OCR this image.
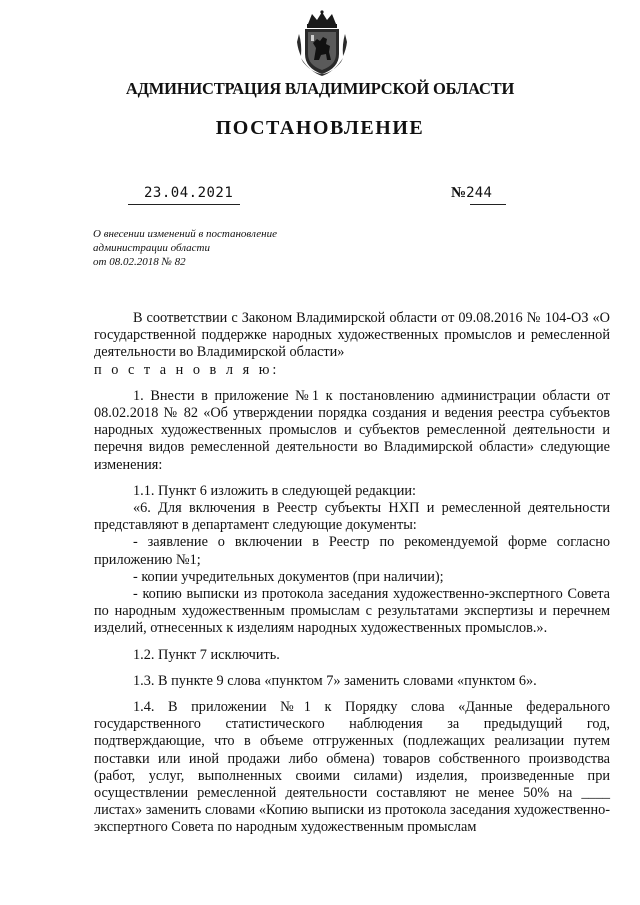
АДМИНИСТРАЦИЯ ВЛАДИМИРСКОЙ ОБЛАСТИ
ПОСТАНОВЛЕНИЕ
23.04.2021	№244
О внесении изменений в постановление
администрации области
от 08.02.2018 № 82

В соответствии с Законом Владимирской области от 09.08.2016 № 104-ОЗ «О государственной поддержке народных художественных промыслов и ремесленной деятельности во Владимирской области»

п о с т а н о в л я ю:

1. Внести в приложение №1 к постановлению администрации области от 08.02.2018 № 82 «Об утверждении порядка создания и ведения реестра субъектов народных художественных промыслов и субъектов ремесленной деятельности и перечня видов ремесленной деятельности во Владимирской области» следующие изменения:

1.1. Пункт 6 изложить в следующей редакции:

«6. Для включения в Реестр субъекты НХП и ремесленной деятельности представляют в департамент следующие документы:

- заявление о включении в Реестр по рекомендуемой форме согласно приложению №1;

- копии учредительных документов (при наличии);

- копию выписки из протокола заседания художественно-экспертного Совета по народным художественным промыслам с результатами экспертизы и перечнем изделий, отнесенных к изделиям народных художественных промыслов.».

1.2. Пункт 7 исключить.

1.3. В пункте 9 слова «пунктом 7» заменить словами «пунктом 6».

1.4. В приложении №1 к Порядку слова «Данные федерального государственного статистического наблюдения за предыдущий год, подтверждающие, что в объеме отгруженных (подлежащих реализации путем поставки или иной продажи либо обмена) товаров собственного производства (работ, услуг, выполненных своими силами) изделия, произведенные при осуществлении ремесленной деятельности составляют не менее 50% на ____ листах» заменить словами «Копию выписки из протокола заседания художественно-экспертного Совета по народным художественным промыслам
